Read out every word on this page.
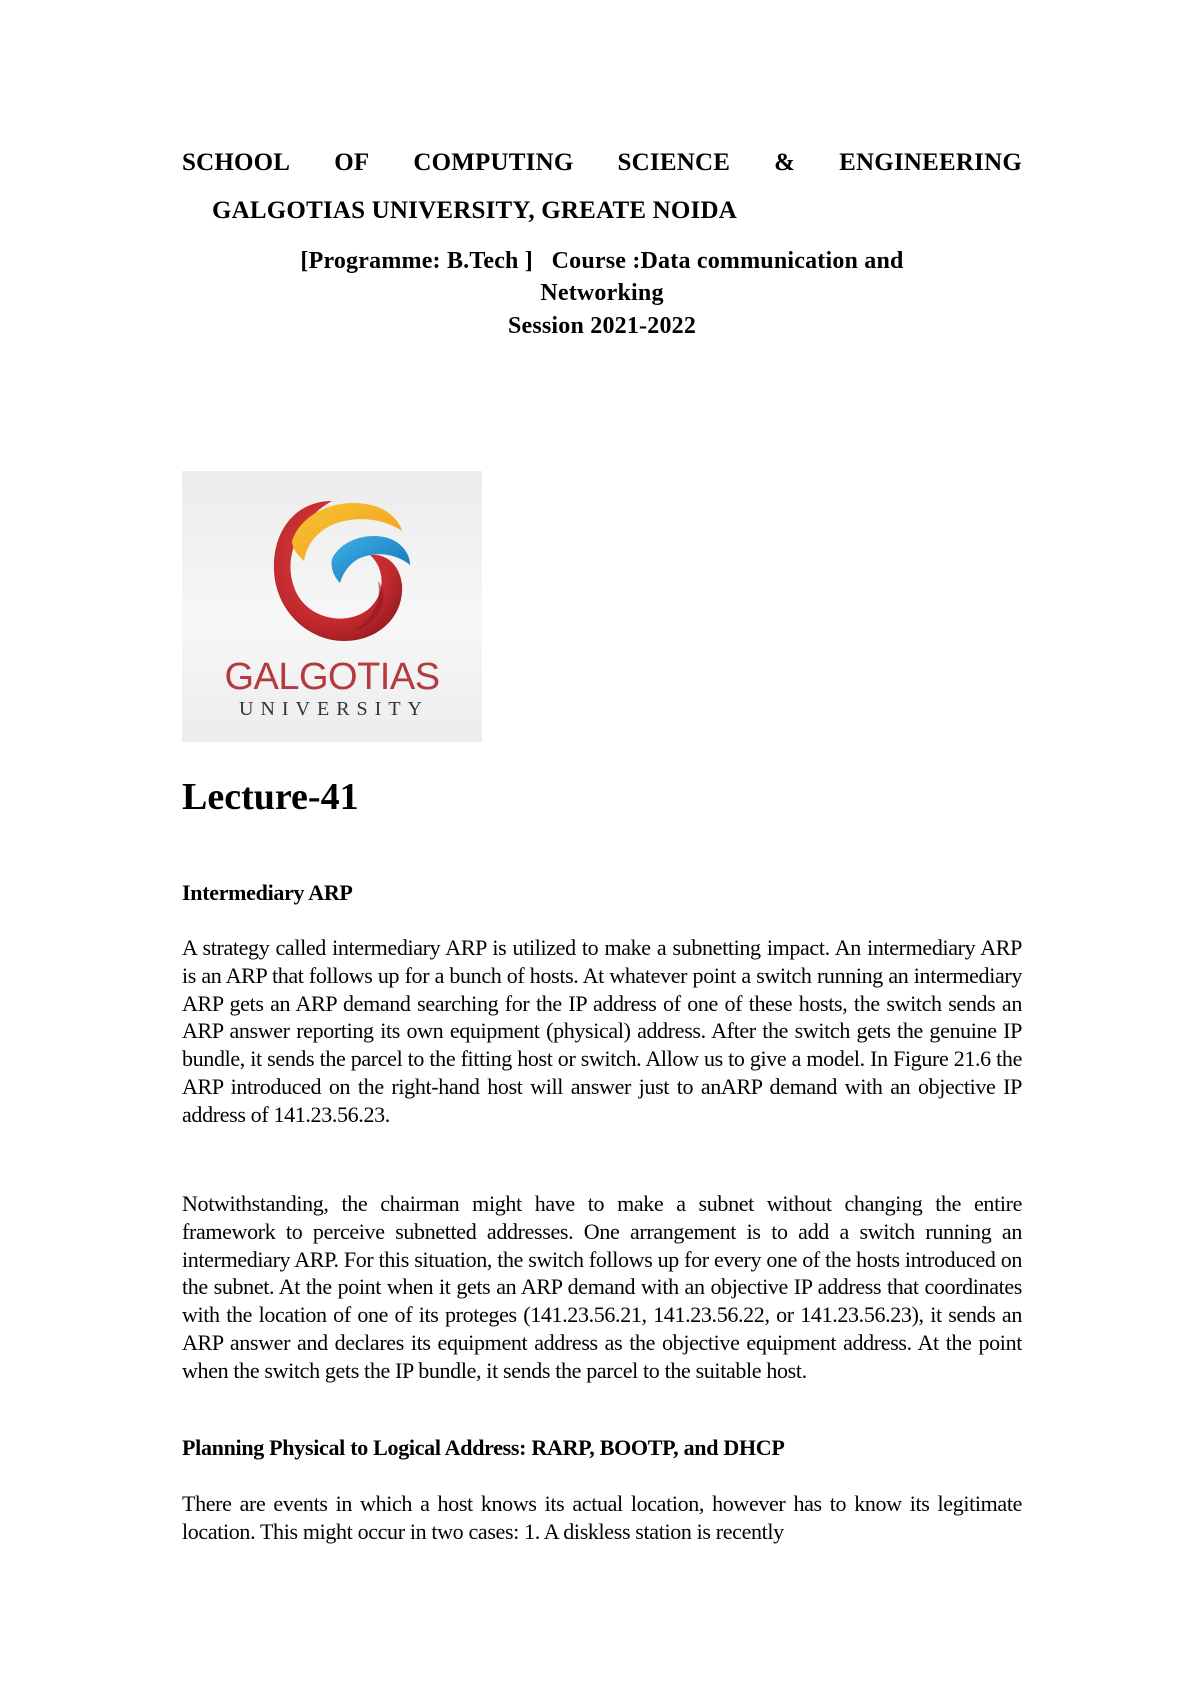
SCHOOL OF COMPUTING SCIENCE & ENGINEERING
GALGOTIAS UNIVERSITY, GREATE NOIDA
[Programme: B.Tech ]   Course :Data communication and
Networking
Session 2021-2022
GALGOTIAS
UNIVERSITY
Lecture-41
Intermediary ARP

A strategy called intermediary ARP is utilized to make a subnetting impact. An intermediary ARP is an ARP that follows up for a bunch of hosts. At whatever point a switch running an intermediary ARP gets an ARP demand searching for the IP address of one of these hosts, the switch sends an ARP answer reporting its own equipment (physical) address. After the switch gets the genuine IP bundle, it sends the parcel to the fitting host or switch. Allow us to give a model. In Figure 21.6 the ARP introduced on the right-hand host will answer just to anARP demand with an objective IP address of 141.23.56.23.

Notwithstanding, the chairman might have to make a subnet without changing the entire framework to perceive subnetted addresses. One arrangement is to add a switch running an intermediary ARP. For this situation, the switch follows up for every one of the hosts introduced on the subnet. At the point when it gets an ARP demand with an objective IP address that coordinates with the location of one of its proteges (141.23.56.21, 141.23.56.22, or 141.23.56.23), it sends an ARP answer and declares its equipment address as the objective equipment address. At the point when the switch gets the IP bundle, it sends the parcel to the suitable host.

Planning Physical to Logical Address: RARP, BOOTP, and DHCP

There are events in which a host knows its actual location, however has to know its legitimate location. This might occur in two cases: 1. A diskless station is recently
